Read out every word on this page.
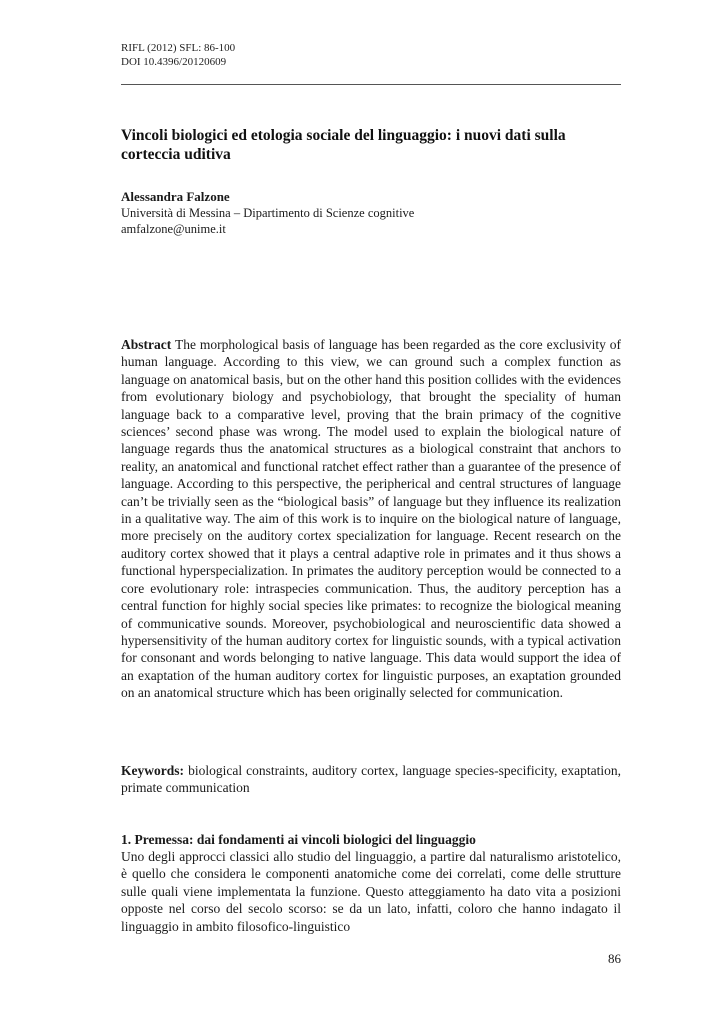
RIFL (2012) SFL: 86-100
DOI 10.4396/20120609
Vincoli biologici ed etologia sociale del linguaggio: i nuovi dati sulla corteccia uditiva
Alessandra Falzone
Università di Messina – Dipartimento di Scienze cognitive
amfalzone@unime.it

Abstract The morphological basis of language has been regarded as the core exclusivity of human language. According to this view, we can ground such a complex function as language on anatomical basis, but on the other hand this position collides with the evidences from evolutionary biology and psychobiology, that brought the speciality of human language back to a comparative level, proving that the brain primacy of the cognitive sciences’ second phase was wrong. The model used to explain the biological nature of language regards thus the anatomical structures as a biological constraint that anchors to reality, an anatomical and functional ratchet effect rather than a guarantee of the presence of language. According to this perspective, the peripherical and central structures of language can’t be trivially seen as the “biological basis” of language but they influence its realization in a qualitative way. The aim of this work is to inquire on the biological nature of language, more precisely on the auditory cortex specialization for language. Recent research on the auditory cortex showed that it plays a central adaptive role in primates and it thus shows a functional hyperspecialization. In primates the auditory perception would be connected to a core evolutionary role: intraspecies communication. Thus, the auditory perception has a central function for highly social species like primates: to recognize the biological meaning of communicative sounds. Moreover, psychobiological and neuroscientific data showed a hypersensitivity of the human auditory cortex for linguistic sounds, with a typical activation for consonant and words belonging to native language. This data would support the idea of an exaptation of the human auditory cortex for linguistic purposes, an exaptation grounded on an anatomical structure which has been originally selected for communication.

Keywords: biological constraints, auditory cortex, language species-specificity, exaptation, primate communication

1. Premessa: dai fondamenti ai vincoli biologici del linguaggio
Uno degli approcci classici allo studio del linguaggio, a partire dal naturalismo aristotelico, è quello che considera le componenti anatomiche come dei correlati, come delle strutture sulle quali viene implementata la funzione. Questo atteggiamento ha dato vita a posizioni opposte nel corso del secolo scorso: se da un lato, infatti, coloro che hanno indagato il linguaggio in ambito filosofico-linguistico
86
